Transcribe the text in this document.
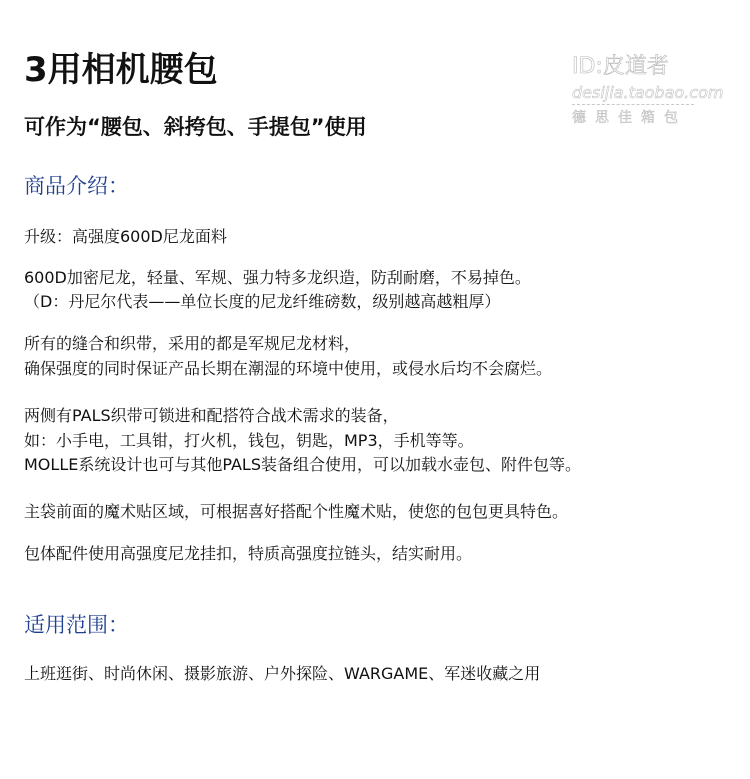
3用相机腰包
可作为“腰包、斜挎包、手提包”使用
ID:皮道者
desijia.taobao.com
德思佳箱包
商品介绍：
升级：高强度600D尼龙面料
600D加密尼龙，轻量、军规、强力特多龙织造，防刮耐磨，不易掉色。
（D：丹尼尔代表——单位长度的尼龙纤维磅数，级别越高越粗厚）
所有的缝合和织带，采用的都是军规尼龙材料，
确保强度的同时保证产品长期在潮湿的环境中使用，或侵水后均不会腐烂。
两侧有PALS织带可锁进和配搭符合战术需求的装备，
如：小手电，工具钳，打火机，钱包，钥匙，MP3，手机等等。
MOLLE系统设计也可与其他PALS装备组合使用，可以加载水壶包、附件包等。
主袋前面的魔术贴区域，可根据喜好搭配个性魔术贴，使您的包包更具特色。
包体配件使用高强度尼龙挂扣，特质高强度拉链头，结实耐用。
适用范围：
上班逛街、时尚休闲、摄影旅游、户外探险、WARGAME、军迷收藏之用
